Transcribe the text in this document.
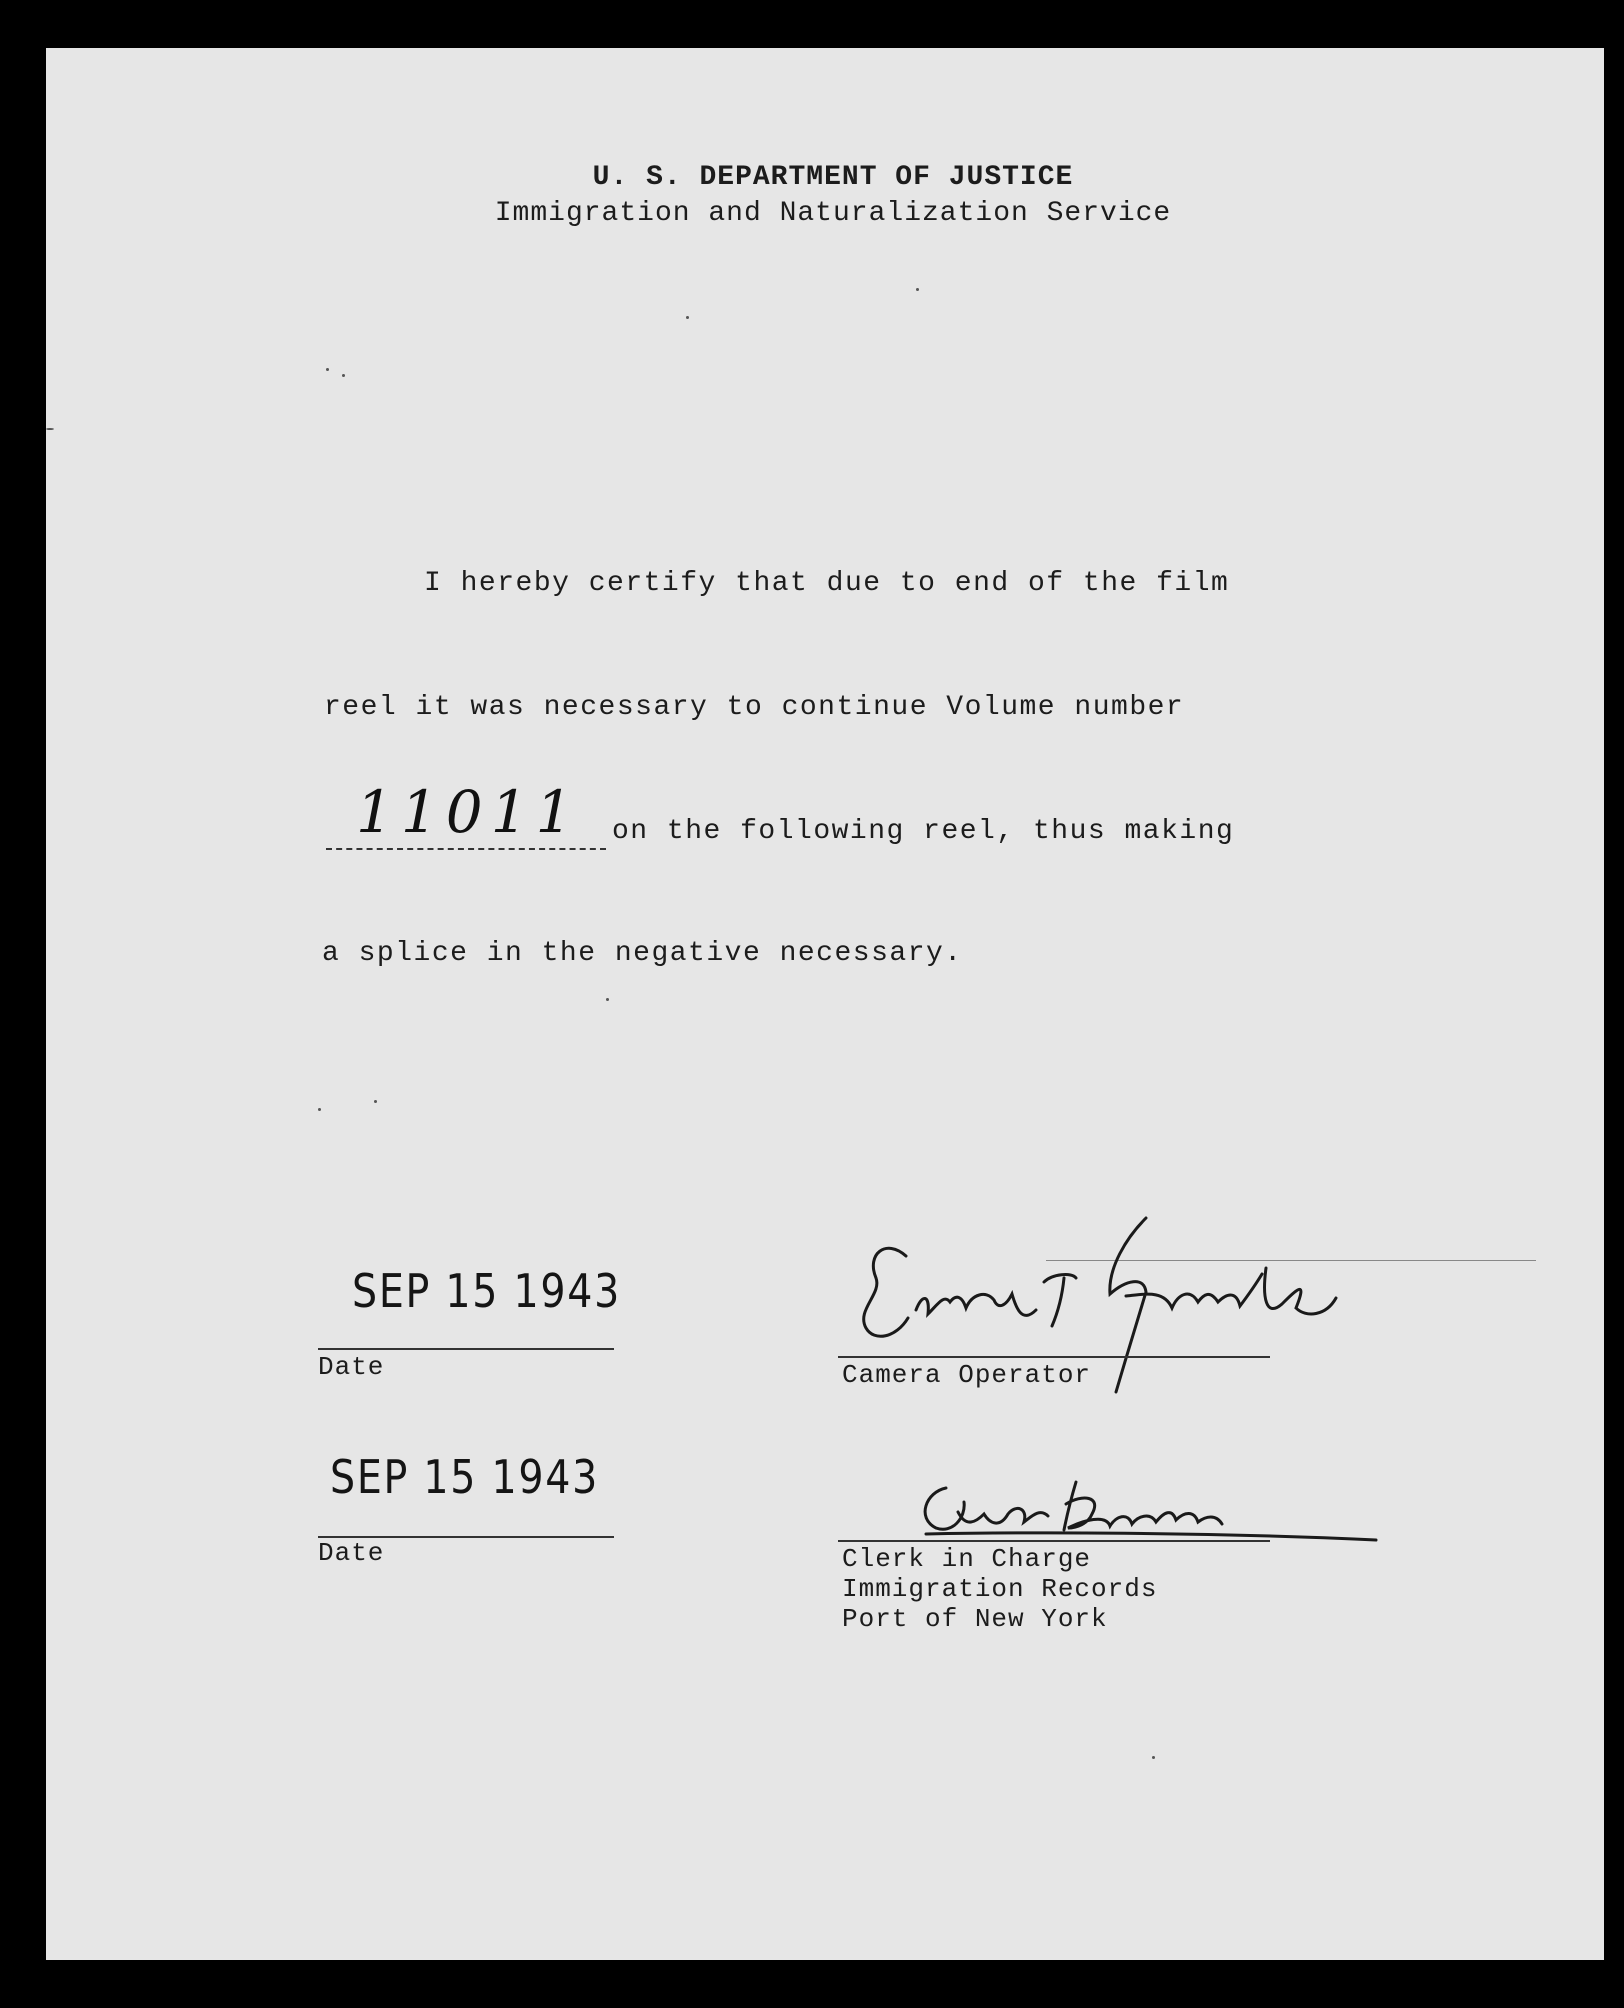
U. S. DEPARTMENT OF JUSTICE
Immigration and Naturalization Service
I hereby certify that due to end of the film
reel it was necessary to continue Volume number
11011 on the following reel, thus making
a splice in the negative necessary.
SEP 15 1943
Date	Camera Operator
SEP 15 1943
Date	Clerk in Charge
Immigration Records
Port of New York
